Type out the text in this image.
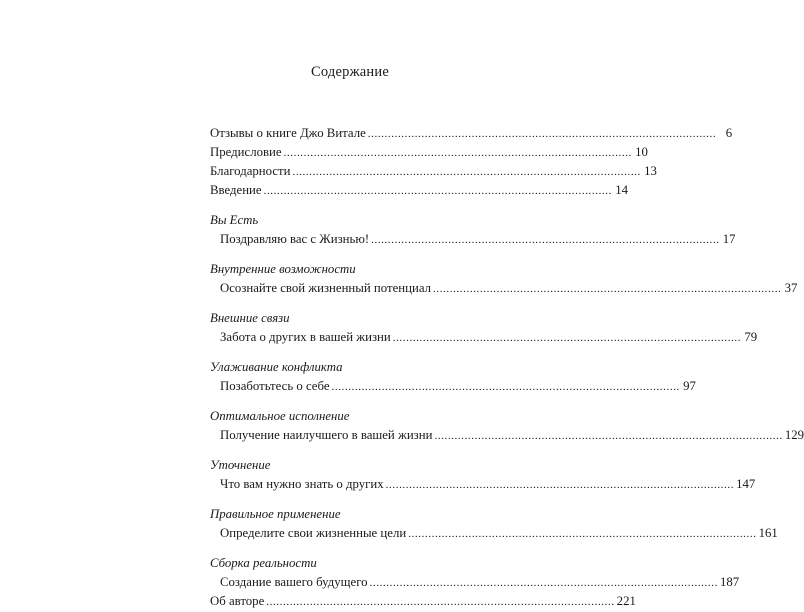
Содержание
Отзывы о книге Джо Витале ........................................................................................................ 6
Предисловие ........................................................................................................ 10
Благодарности ........................................................................................................ 13
Введение ........................................................................................................ 14
Вы Есть
Поздравляю вас с Жизнью! ........................................................................................................ 17
Внутренние возможности
Осознайте свой жизненный потенциал ........................................................................................................ 37
Внешние связи
Забота о других в вашей жизни ........................................................................................................ 79
Улаживание конфликта
Позаботьтесь о себе ........................................................................................................ 97
Оптимальное исполнение
Получение наилучшего в вашей жизни ........................................................................................................ 129
Уточнение
Что вам нужно знать о других ........................................................................................................ 147
Правильное применение
Определите свои жизненные цели ........................................................................................................ 161
Сборка реальности
Создание вашего будущего ........................................................................................................ 187
Об авторе ........................................................................................................ 221
